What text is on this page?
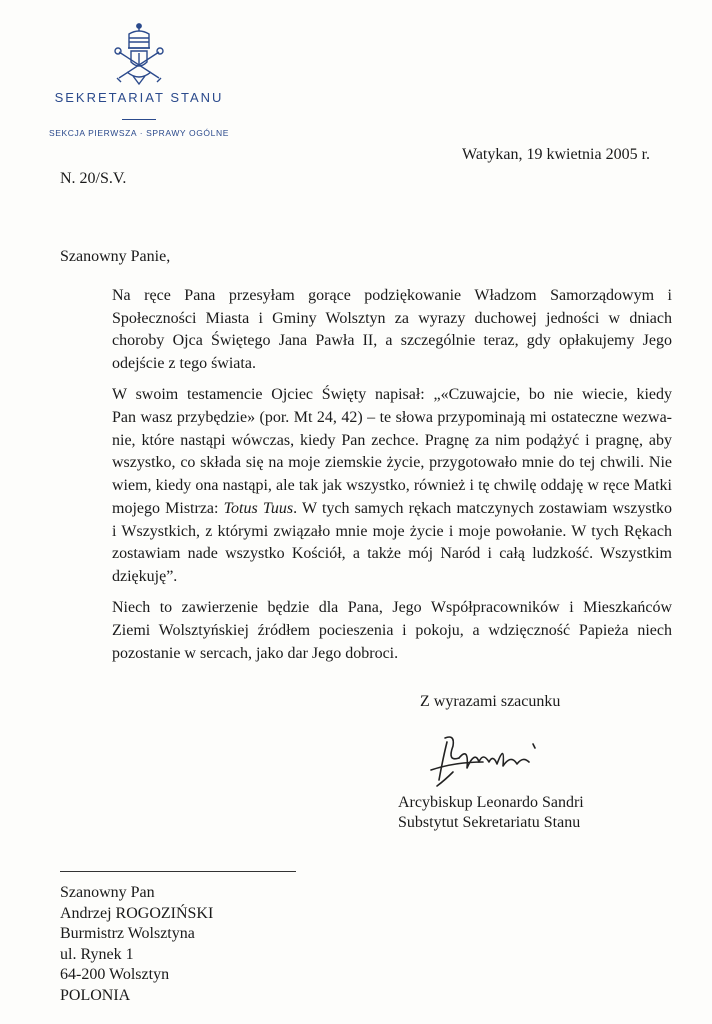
SEKRETARIAT STANU
SEKCJA PIERWSZA · SPRAWY OGÓLNE
Watykan, 19 kwietnia 2005 r.
N. 20/S.V.
Szanowny Panie,

Na ręce Pana przesyłam gorące podziękowanie Władzom Samorządowym i
Społeczności Miasta i Gminy Wolsztyn za wyrazy duchowej jedności w dniach
choroby Ojca Świętego Jana Pawła II, a szczególnie teraz, gdy opłakujemy Jego
odejście z tego świata.

W swoim testamencie Ojciec Święty napisał: „«Czuwajcie, bo nie wiecie, kiedy
Pan wasz przybędzie» (por. Mt 24, 42) – te słowa przypominają mi ostateczne wezwa-
nie, które nastąpi wówczas, kiedy Pan zechce. Pragnę za nim podążyć i pragnę, aby
wszystko, co składa się na moje ziemskie życie, przygotowało mnie do tej chwili. Nie
wiem, kiedy ona nastąpi, ale tak jak wszystko, również i tę chwilę oddaję w ręce Matki
mojego Mistrza: Totus Tuus. W tych samych rękach matczynych zostawiam wszystko
i Wszystkich, z którymi związało mnie moje życie i moje powołanie. W tych Rękach
zostawiam nade wszystko Kościół, a także mój Naród i całą ludzkość. Wszystkim
dziękuję”.

Niech to zawierzenie będzie dla Pana, Jego Współpracowników i Mieszkańców
Ziemi Wolsztyńskiej źródłem pocieszenia i pokoju, a wdzięczność Papieża niech
pozostanie w sercach, jako dar Jego dobroci.

Z wyrazami szacunku
Arcybiskup Leonardo Sandri
Substytut Sekretariatu Stanu
Szanowny Pan
Andrzej ROGOZIŃSKI
Burmistrz Wolsztyna
ul. Rynek 1
64-200 Wolsztyn
POLONIA
